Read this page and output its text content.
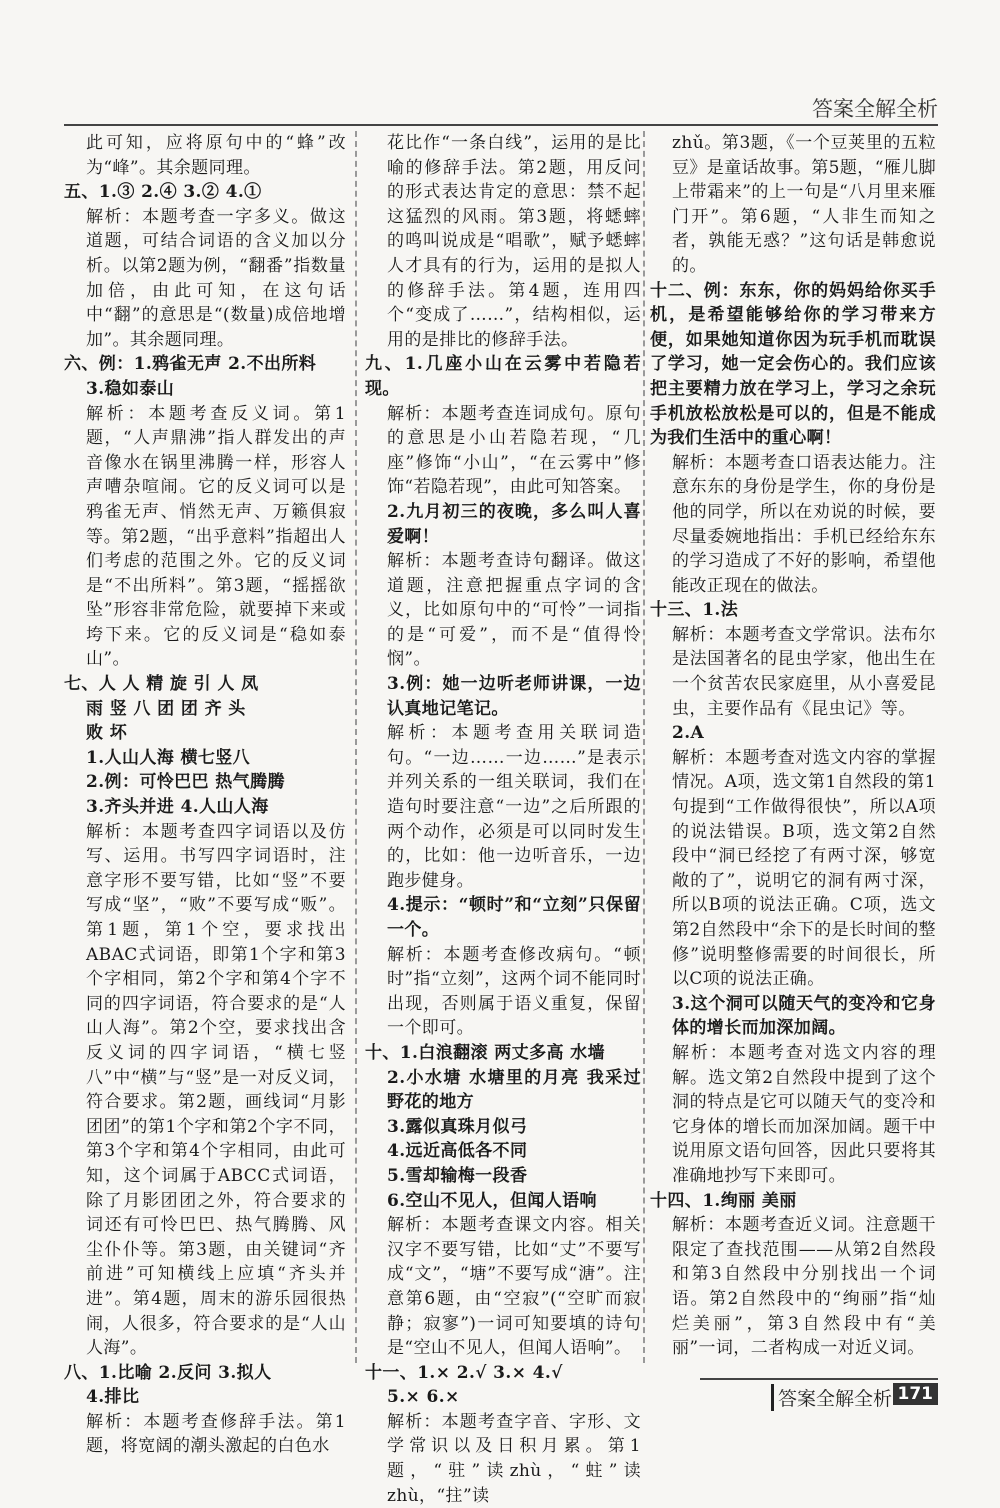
答案全解全析

此可知，应将原句中的“蜂”改为“峰”。其余题同理。

五、1.③ 2.④ 3.② 4.①

解析：本题考查一字多义。做这道题，可结合词语的含义加以分析。以第2题为例，“翻番”指数量加倍，由此可知，在这句话中“翻”的意思是“(数量)成倍地增加”。其余题同理。

六、例：1.鸦雀无声 2.不出所料

3.稳如泰山

解析：本题考查反义词。第1题，“人声鼎沸”指人群发出的声音像水在锅里沸腾一样，形容人声嘈杂喧闹。它的反义词可以是鸦雀无声、悄然无声、万籁俱寂等。第2题，“出乎意料”指超出人们考虑的范围之外。它的反义词是“不出所料”。第3题，“摇摇欲坠”形容非常危险，就要掉下来或垮下来。它的反义词是“稳如泰山”。

七、人 人 精 旋 引 人 凤

雨 竖 八 团 团 齐 头

败 坏

1.人山人海 横七竖八

2.例：可怜巴巴 热气腾腾

3.齐头并进 4.人山人海

解析：本题考查四字词语以及仿写、运用。书写四字词语时，注意字形不要写错，比如“竖”不要写成“坚”，“败”不要写成“贩”。第1题，第1个空，要求找出ABAC式词语，即第1个字和第3个字相同，第2个字和第4个字不同的四字词语，符合要求的是“人山人海”。第2个空，要求找出含反义词的四字词语，“横七竖八”中“横”与“竖”是一对反义词，符合要求。第2题，画线词“月影团团”的第1个字和第2个字不同，第3个字和第4个字相同，由此可知，这个词属于ABCC式词语，除了月影团团之外，符合要求的词还有可怜巴巴、热气腾腾、风尘仆仆等。第3题，由关键词“齐前进”可知横线上应填“齐头并进”。第4题，周末的游乐园很热闹，人很多，符合要求的是“人山人海”。

八、1.比喻 2.反问 3.拟人

4.排比

解析：本题考查修辞手法。第1题，将宽阔的潮头激起的白色水

花比作“一条白线”，运用的是比喻的修辞手法。第2题，用反问的形式表达肯定的意思：禁不起这猛烈的风雨。第3题，将蟋蟀的鸣叫说成是“唱歌”，赋予蟋蟀人才具有的行为，运用的是拟人的修辞手法。第4题，连用四个“变成了……”，结构相似，运用的是排比的修辞手法。

九、1.几座小山在云雾中若隐若现。

解析：本题考查连词成句。原句的意思是小山若隐若现，“几座”修饰“小山”，“在云雾中”修饰“若隐若现”，由此可知答案。

2.九月初三的夜晚，多么叫人喜爱啊！

解析：本题考查诗句翻译。做这道题，注意把握重点字词的含义，比如原句中的“可怜”一词指的是“可爱”，而不是“值得怜悯”。

3.例：她一边听老师讲课，一边认真地记笔记。

解析：本题考查用关联词造句。“一边……一边……”是表示并列关系的一组关联词，我们在造句时要注意“一边”之后所跟的两个动作，必须是可以同时发生的，比如：他一边听音乐，一边跑步健身。

4.提示：“顿时”和“立刻”只保留一个。

解析：本题考查修改病句。“顿时”指“立刻”，这两个词不能同时出现，否则属于语义重复，保留一个即可。

十、1.白浪翻滚 两丈多高 水墙

2.小水塘 水塘里的月亮 我采过野花的地方

3.露似真珠月似弓

4.远近高低各不同

5.雪却输梅一段香

6.空山不见人，但闻人语响

解析：本题考查课文内容。相关汉字不要写错，比如“丈”不要写成“文”，“塘”不要写成“溏”。注意第6题，由“空寂”(“空旷而寂静；寂寥”)一词可知要填的诗句是“空山不见人，但闻人语响”。

十一、1.× 2.√ 3.× 4.√

5.× 6.×

解析：本题考查字音、字形、文学常识以及日积月累。第1题，“驻”读zhù，“蛀”读zhù，“拄”读

zhǔ。第3题，《一个豆荚里的五粒豆》是童话故事。第5题，“雁儿脚上带霜来”的上一句是“八月里来雁门开”。第6题，“人非生而知之者，孰能无惑？”这句话是韩愈说的。

十二、例：东东，你的妈妈给你买手机，是希望能够给你的学习带来方便，如果她知道你因为玩手机而耽误了学习，她一定会伤心的。我们应该把主要精力放在学习上，学习之余玩手机放松放松是可以的，但是不能成为我们生活中的重心啊！

解析：本题考查口语表达能力。注意东东的身份是学生，你的身份是他的同学，所以在劝说的时候，要尽量委婉地指出：手机已经给东东的学习造成了不好的影响，希望他能改正现在的做法。

十三、1.法

解析：本题考查文学常识。法布尔是法国著名的昆虫学家，他出生在一个贫苦农民家庭里，从小喜爱昆虫，主要作品有《昆虫记》等。

2.A

解析：本题考查对选文内容的掌握情况。A项，选文第1自然段的第1句提到“工作做得很快”，所以A项的说法错误。B项，选文第2自然段中“洞已经挖了有两寸深，够宽敞的了”，说明它的洞有两寸深，所以B项的说法正确。C项，选文第2自然段中“余下的是长时间的整修”说明整修需要的时间很长，所以C项的说法正确。

3.这个洞可以随天气的变冷和它身体的增长而加深加阔。

解析：本题考查对选文内容的理解。选文第2自然段中提到了这个洞的特点是它可以随天气的变冷和它身体的增长而加深加阔。题干中说用原文语句回答，因此只要将其准确地抄写下来即可。

十四、1.绚丽 美丽

解析：本题考查近义词。注意题干限定了查找范围——从第2自然段和第3自然段中分别找出一个词语。第2自然段中的“绚丽”指“灿烂美丽”，第3自然段中有“美丽”一词，二者构成一对近义词。

答案全解全析 171
